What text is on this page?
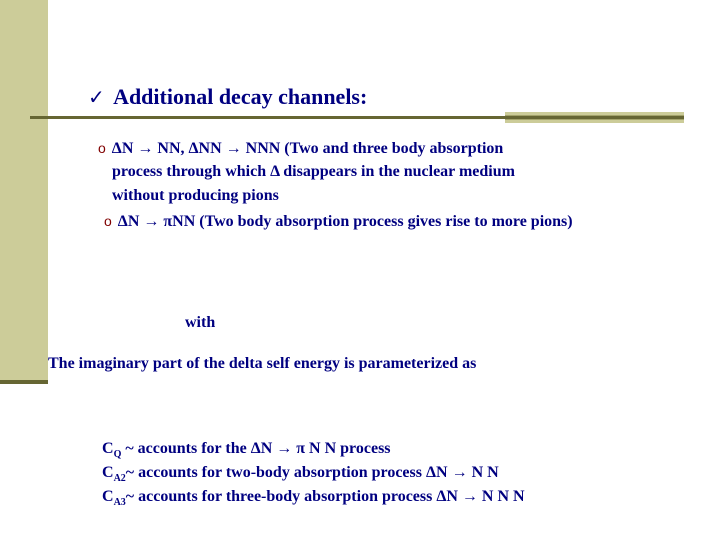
✓ Additional decay channels:
o ΔN → NN, ΔNN → NNN (Two and three body absorption
process through which Δ disappears in the nuclear medium
without producing pions
o ΔN → πNN (Two body absorption process gives rise to more pions)
with
The imaginary part of the delta self energy is parameterized as
$C_Q$ ~ accounts for the ΔN → π N N process
$C_{A2}\sim$ accounts for two-body absorption process ΔN → N N
$C_{A3}\sim$ accounts for three-body absorption process ΔN → N N N
